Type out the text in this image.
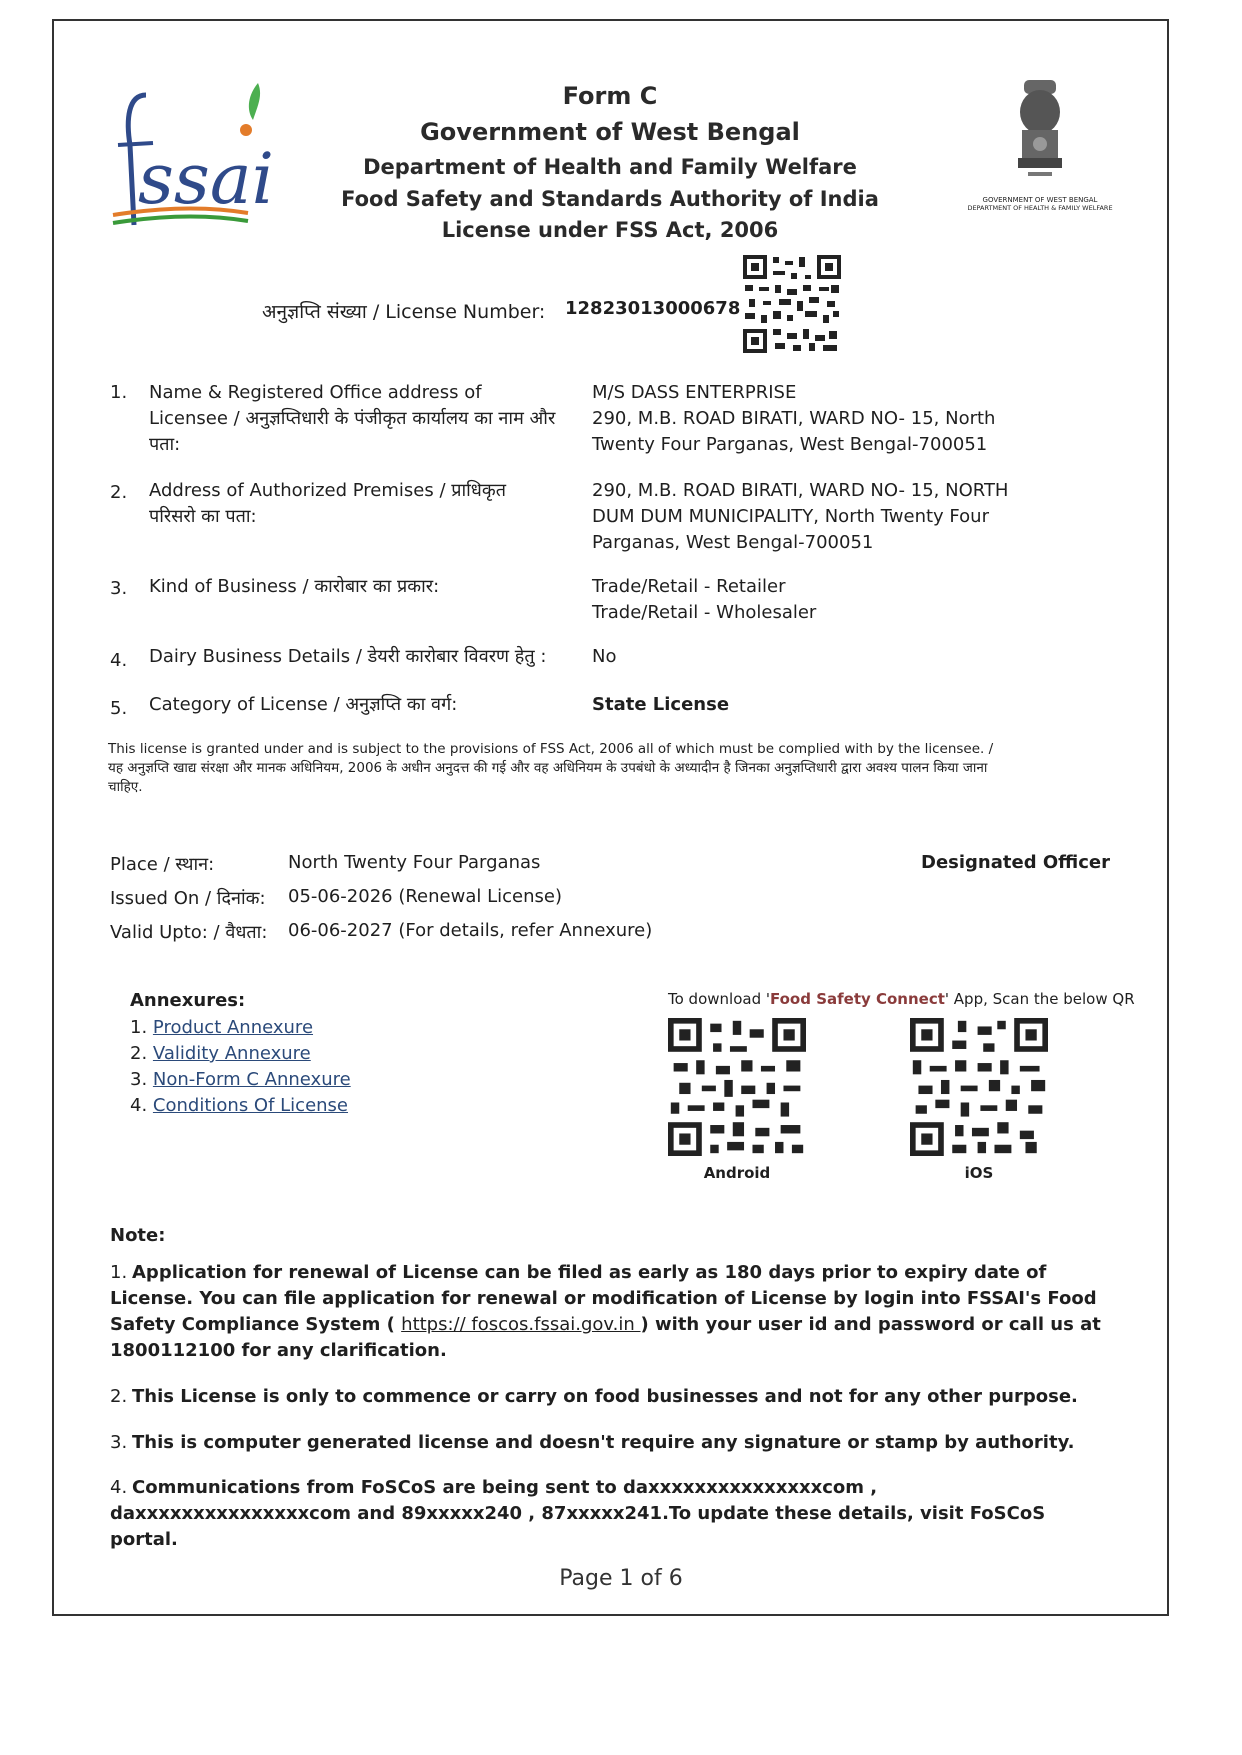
ssai
Form C
Government of West Bengal
Department of Health and Family Welfare
Food Safety and Standards Authority of India
License under FSS Act, 2006
GOVERNMENT OF WEST BENGAL
DEPARTMENT OF HEALTH & FAMILY WELFARE
अनुज्ञप्ति संख्या / License Number: 12823013000678
1. Name & Registered Office address of Licensee / अनुज्ञप्तिधारी के पंजीकृत कार्यालय का नाम और पता:
M/S DASS ENTERPRISE
290, M.B. ROAD BIRATI, WARD NO- 15, North Twenty Four Parganas, West Bengal-700051
2. Address of Authorized Premises / प्राधिकृत परिसरो का पता:
290, M.B. ROAD BIRATI, WARD NO- 15, NORTH DUM DUM MUNICIPALITY, North Twenty Four Parganas, West Bengal-700051
3. Kind of Business / कारोबार का प्रकार:	Trade/Retail - Retailer
Trade/Retail - Wholesaler
4. Dairy Business Details / डेयरी कारोबार विवरण हेतु :	No
5. Category of License / अनुज्ञप्ति का वर्ग:	State License
This license is granted under and is subject to the provisions of FSS Act, 2006 all of which must be complied with by the licensee. / यह अनुज्ञप्ति खाद्य संरक्षा और मानक अधिनियम, 2006 के अधीन अनुदत्त की गई और वह अधिनियम के उपबंधो के अध्यादीन है जिनका अनुज्ञप्तिधारी द्वारा अवश्य पालन किया जाना चाहिए.
Place / स्थान:	North Twenty Four Parganas
Issued On / दिनांक: 05-06-2026 (Renewal License)
Valid Upto: / वैधता: 06-06-2027 (For details, refer Annexure)
Designated Officer
Annexures:
1. Product Annexure
2. Validity Annexure
3. Non-Form C Annexure
4. Conditions Of License
To download 'Food Safety Connect' App, Scan the below QR
Android	iOS
Note:
1. Application for renewal of License can be filed as early as 180 days prior to expiry date of License. You can file application for renewal or modification of License by login into FSSAI's Food Safety Compliance System ( https:// foscos.fssai.gov.in ) with your user id and password or call us at 1800112100 for any clarification.
2. This License is only to commence or carry on food businesses and not for any other purpose.
3. This is computer generated license and doesn't require any signature or stamp by authority.
4. Communications from FoSCoS are being sent to daxxxxxxxxxxxxxxxcom , daxxxxxxxxxxxxxxxcom and 89xxxxx240 , 87xxxxx241.To update these details, visit FoSCoS portal.
Page 1 of 6
